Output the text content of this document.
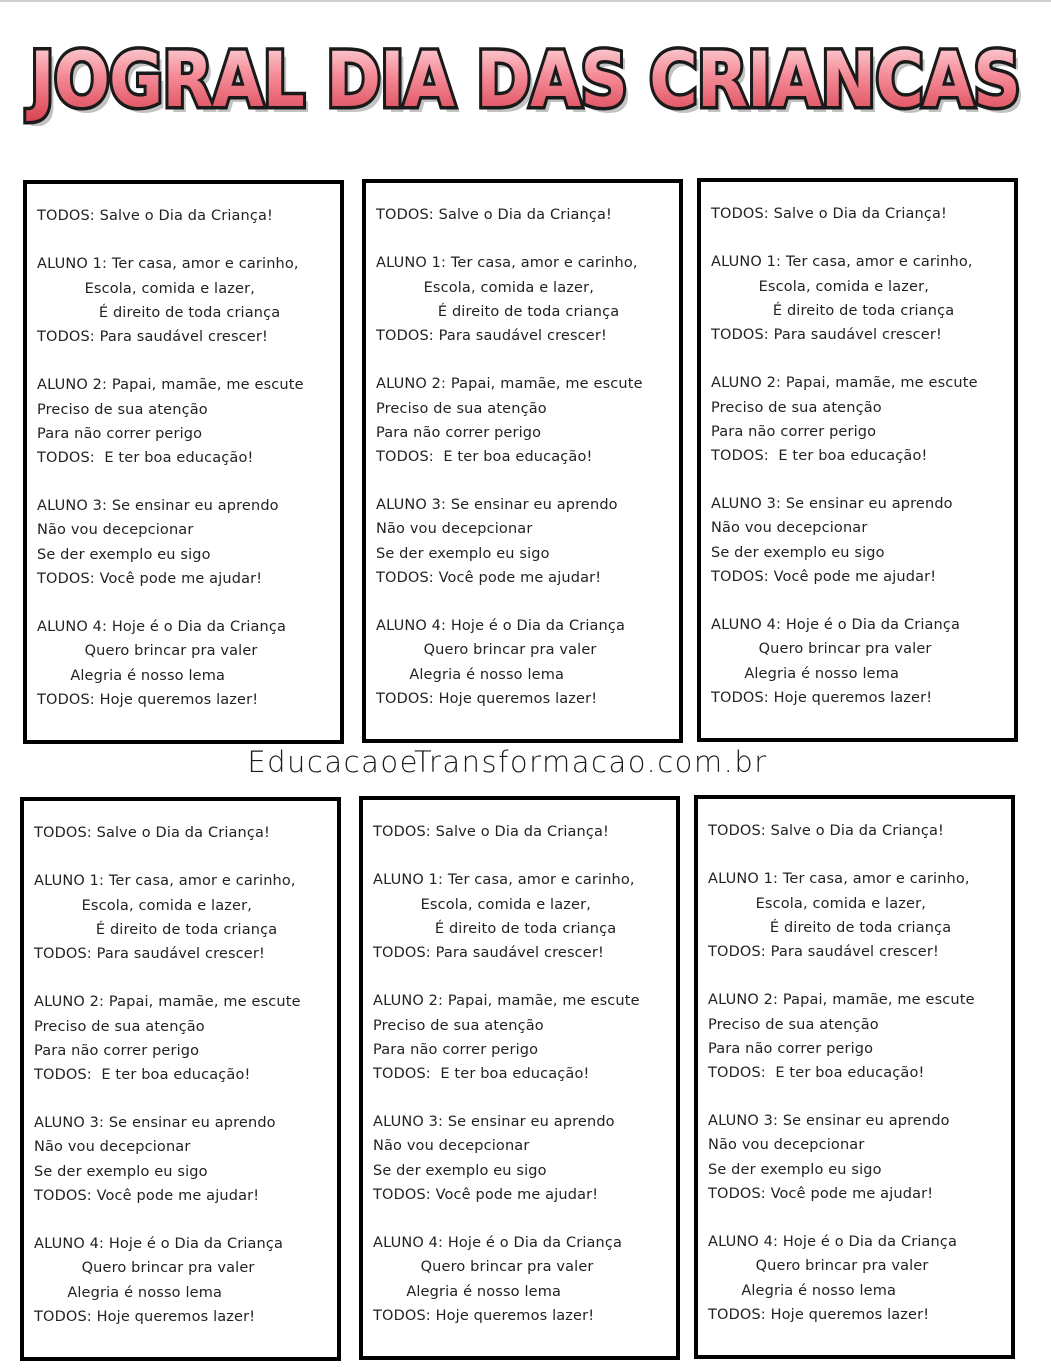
JOGRAL DIA DAS CRIANCAS
JOGRAL DIA DAS CRIANCAS
TODOS: Salve o Dia da Criança!
ALUNO 1: Ter casa, amor e carinho,
Escola, comida e lazer,
É direito de toda criança
TODOS: Para saudável crescer!
ALUNO 2: Papai, mamãe, me escute
Preciso de sua atenção
Para não correr perigo
TODOS:  E ter boa educação!
ALUNO 3: Se ensinar eu aprendo
Não vou decepcionar
Se der exemplo eu sigo
TODOS: Você pode me ajudar!
ALUNO 4: Hoje é o Dia da Criança
Quero brincar pra valer
Alegria é nosso lema
TODOS: Hoje queremos lazer!
TODOS: Salve o Dia da Criança!
ALUNO 1: Ter casa, amor e carinho,
Escola, comida e lazer,
É direito de toda criança
TODOS: Para saudável crescer!
ALUNO 2: Papai, mamãe, me escute
Preciso de sua atenção
Para não correr perigo
TODOS:  E ter boa educação!
ALUNO 3: Se ensinar eu aprendo
Não vou decepcionar
Se der exemplo eu sigo
TODOS: Você pode me ajudar!
ALUNO 4: Hoje é o Dia da Criança
Quero brincar pra valer
Alegria é nosso lema
TODOS: Hoje queremos lazer!
TODOS: Salve o Dia da Criança!
ALUNO 1: Ter casa, amor e carinho,
Escola, comida e lazer,
É direito de toda criança
TODOS: Para saudável crescer!
ALUNO 2: Papai, mamãe, me escute
Preciso de sua atenção
Para não correr perigo
TODOS:  E ter boa educação!
ALUNO 3: Se ensinar eu aprendo
Não vou decepcionar
Se der exemplo eu sigo
TODOS: Você pode me ajudar!
ALUNO 4: Hoje é o Dia da Criança
Quero brincar pra valer
Alegria é nosso lema
TODOS: Hoje queremos lazer!
TODOS: Salve o Dia da Criança!
ALUNO 1: Ter casa, amor e carinho,
Escola, comida e lazer,
É direito de toda criança
TODOS: Para saudável crescer!
ALUNO 2: Papai, mamãe, me escute
Preciso de sua atenção
Para não correr perigo
TODOS:  E ter boa educação!
ALUNO 3: Se ensinar eu aprendo
Não vou decepcionar
Se der exemplo eu sigo
TODOS: Você pode me ajudar!
ALUNO 4: Hoje é o Dia da Criança
Quero brincar pra valer
Alegria é nosso lema
TODOS: Hoje queremos lazer!
TODOS: Salve o Dia da Criança!
ALUNO 1: Ter casa, amor e carinho,
Escola, comida e lazer,
É direito de toda criança
TODOS: Para saudável crescer!
ALUNO 2: Papai, mamãe, me escute
Preciso de sua atenção
Para não correr perigo
TODOS:  E ter boa educação!
ALUNO 3: Se ensinar eu aprendo
Não vou decepcionar
Se der exemplo eu sigo
TODOS: Você pode me ajudar!
ALUNO 4: Hoje é o Dia da Criança
Quero brincar pra valer
Alegria é nosso lema
TODOS: Hoje queremos lazer!
TODOS: Salve o Dia da Criança!
ALUNO 1: Ter casa, amor e carinho,
Escola, comida e lazer,
É direito de toda criança
TODOS: Para saudável crescer!
ALUNO 2: Papai, mamãe, me escute
Preciso de sua atenção
Para não correr perigo
TODOS:  E ter boa educação!
ALUNO 3: Se ensinar eu aprendo
Não vou decepcionar
Se der exemplo eu sigo
TODOS: Você pode me ajudar!
ALUNO 4: Hoje é o Dia da Criança
Quero brincar pra valer
Alegria é nosso lema
TODOS: Hoje queremos lazer!
EducacaoeTransformacao.com.br
